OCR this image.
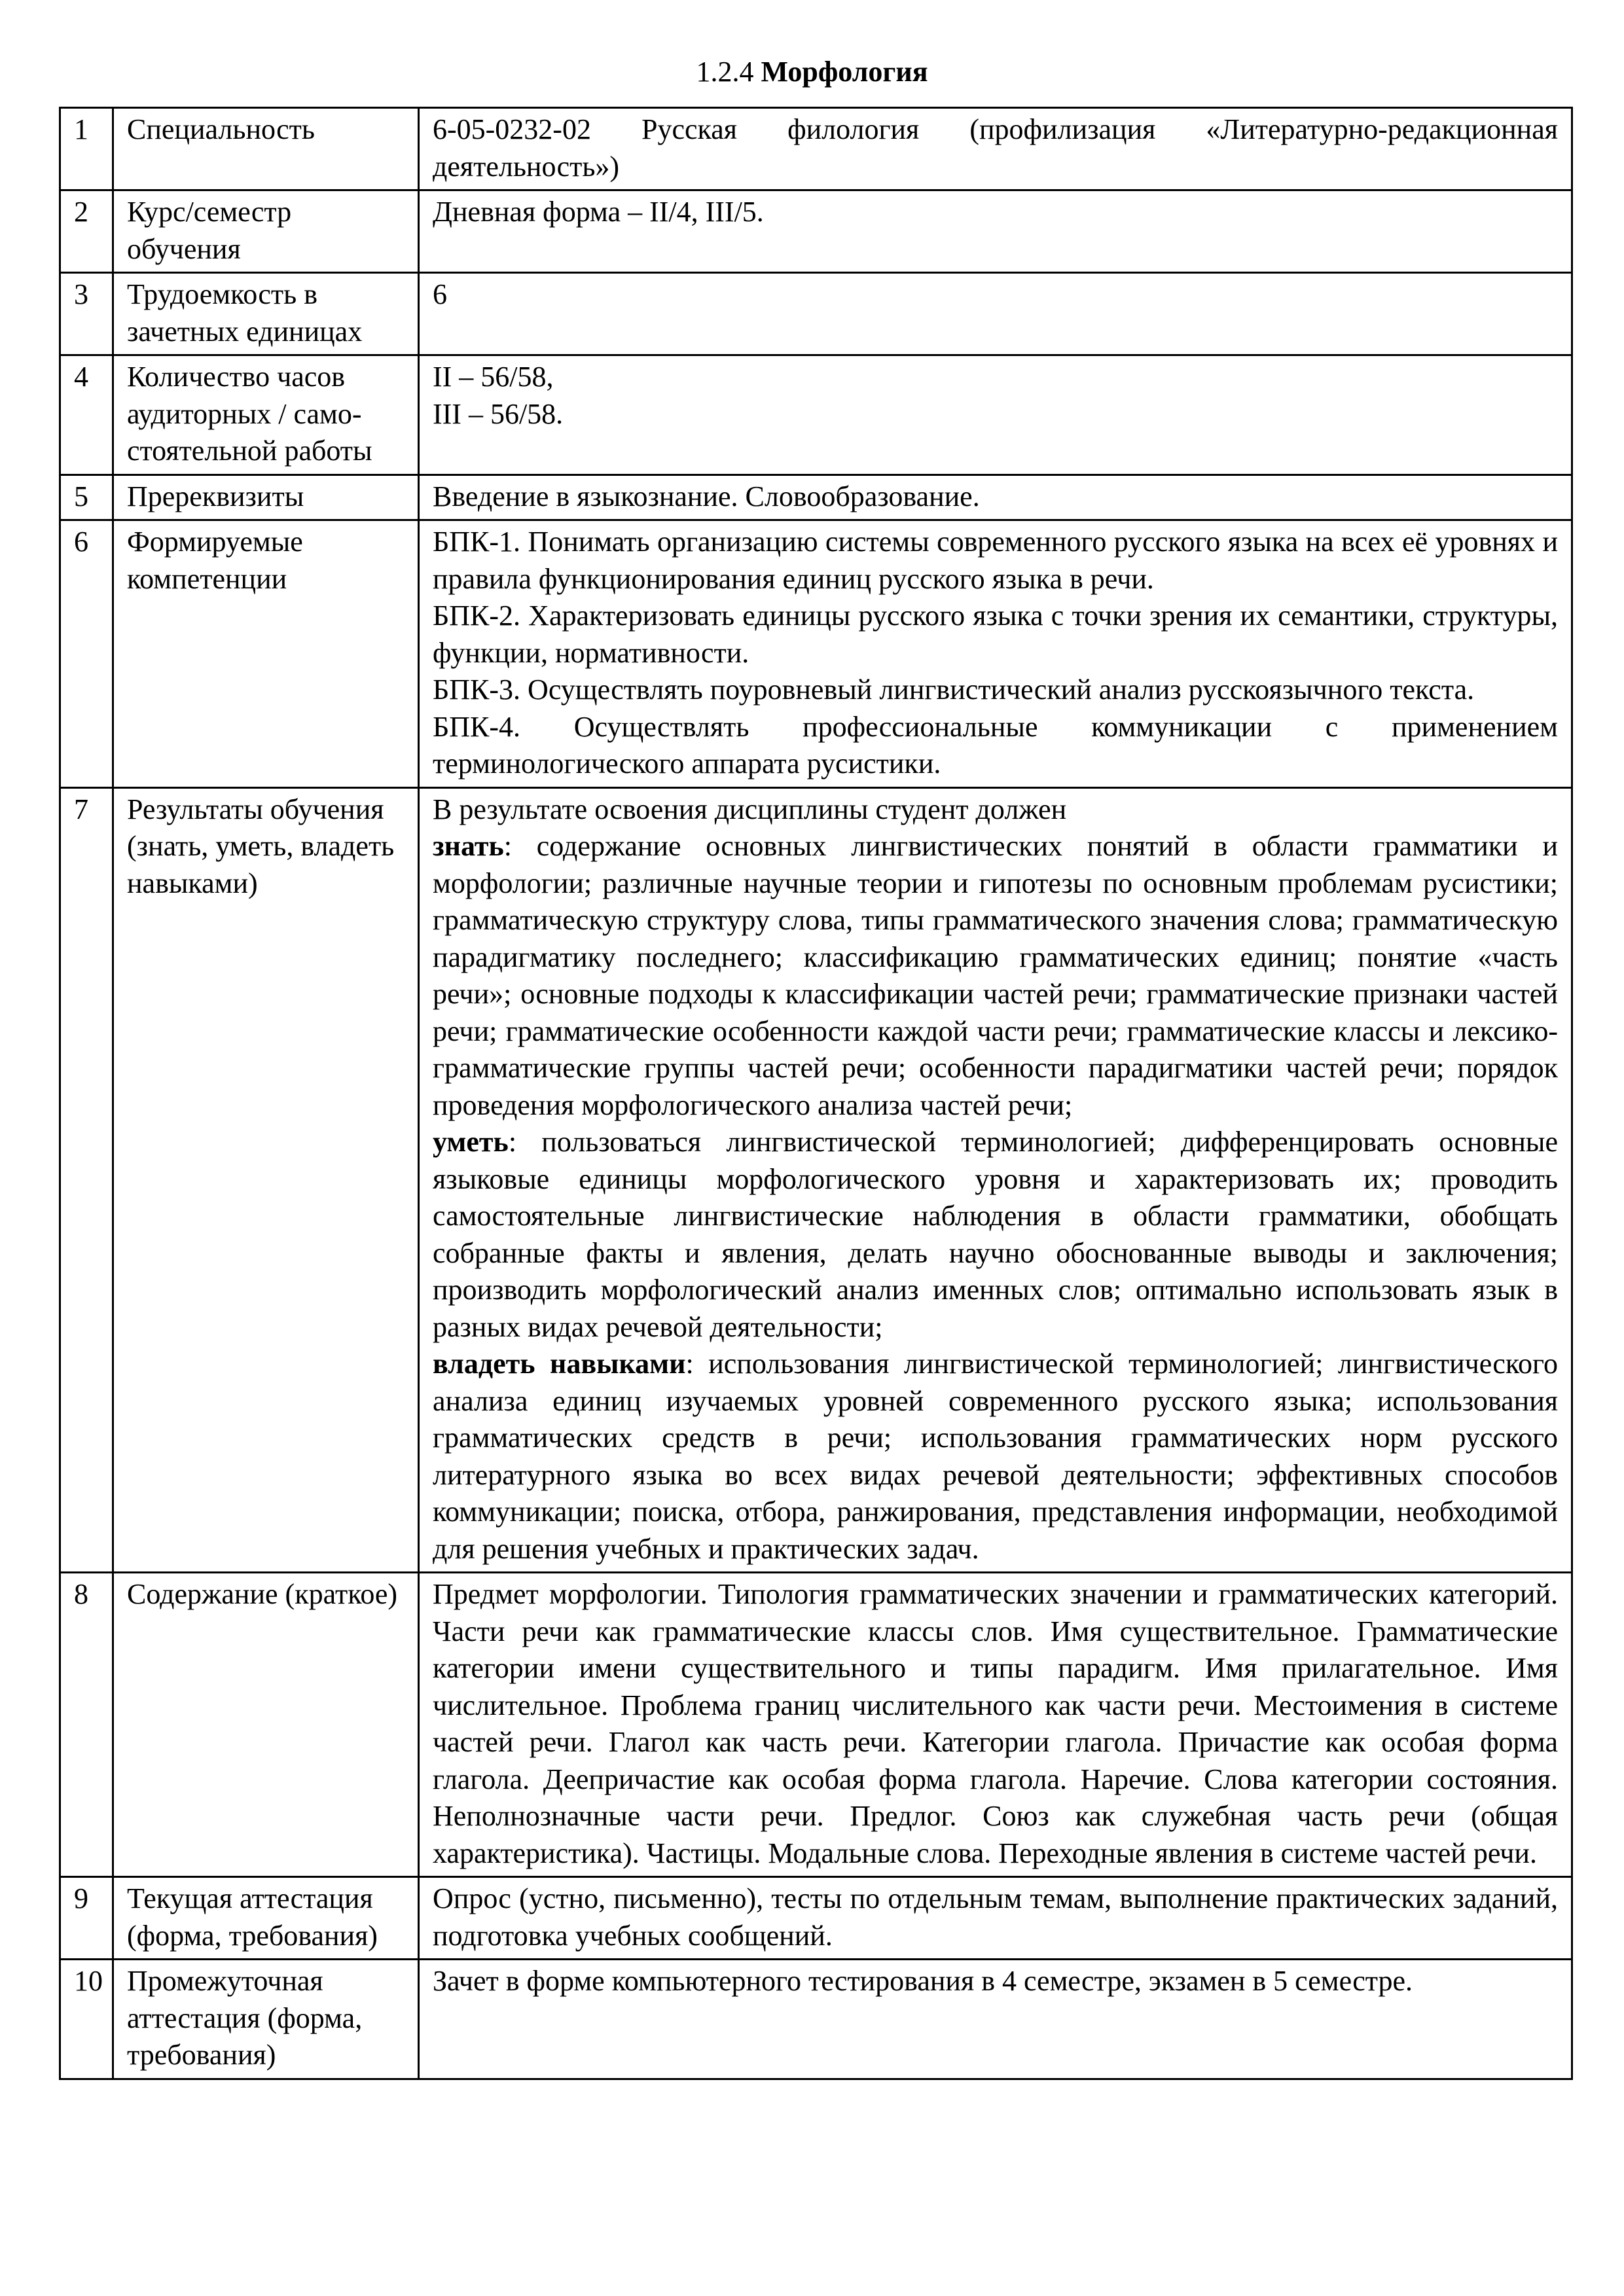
1.2.4 Морфология
1	Специальность	6-05-0232-02 Русская филология (профилизация «Литературно-редакционная деятельность»)
2	Курс/семестр обучения	Дневная форма – II/4, III/5.
3	Трудоемкость в зачетных единицах	6
4	Количество часов аудиторных / само-стоятельной работы	II – 56/58,
III – 56/58.

5	Пререквизиты	Введение в языкознание. Словообразование.
6	Формируемые компетенции	БПК-1. Понимать организацию системы современного русского языка на всех её уровнях и правила функционирования единиц русского языка в речи.
БПК-2. Характеризовать единицы русского языка с точки зрения их семантики, структуры, функции, нормативности.
БПК-3. Осуществлять поуровневый лингвистический анализ русскоязычного текста.
БПК-4. Осуществлять профессиональные коммуникации с применением терминологического аппарата русистики.

7	Результаты обучения (знать, уметь, владеть навыками)	В результате освоения дисциплины студент должен
знать: содержание основных лингвистических понятий в области грамматики и морфологии; различные научные теории и гипотезы по основным проблемам русистики; грамматическую структуру слова, типы грамматического значения слова; грамматическую парадигматику последнего; классификацию грамматических единиц; понятие «часть речи»; основные подходы к классификации частей речи; грамматические признаки частей речи; грамматические особенности каждой части речи; грамматические классы и лексико-грамматические группы частей речи; особенности парадигматики частей речи; порядок проведения морфологического анализа частей речи;
уметь: пользоваться лингвистической терминологией; дифференцировать основные языковые единицы морфологического уровня и характеризовать их; проводить самостоятельные лингвистические наблюдения в области грамматики, обобщать собранные факты и явления, делать научно обоснованные выводы и заключения; производить морфологический анализ именных слов; оптимально использовать язык в разных видах речевой деятельности;
владеть навыками: использования лингвистической терминологией; лингвистического анализа единиц изучаемых уровней современного русского языка; использования грамматических средств в речи; использования грамматических норм русского литературного языка во всех видах речевой деятельности; эффективных способов коммуникации; поиска, отбора, ранжирования, представления информации, необходимой для решения учебных и практических задач.

8	Содержание (краткое)	Предмет морфологии. Типология грамматических значении и грамматических категорий. Части речи как грамматические классы слов. Имя существительное. Грамматические категории имени существительного и типы парадигм. Имя прилагательное. Имя числительное. Проблема границ числительного как части речи. Местоимения в системе частей речи. Глагол как часть речи. Категории глагола. Причастие как особая форма глагола. Деепричастие как особая форма глагола. Наречие. Слова категории состояния. Неполнозначные части речи. Предлог. Союз как служебная часть речи (общая характеристика). Частицы. Модальные слова. Переходные явления в системе частей речи.
9	Текущая аттестация (форма, требования)	Опрос (устно, письменно), тесты по отдельным темам, выполнение практических заданий, подготовка учебных сообщений.
10	Промежуточная аттестация (форма, требования)	Зачет в форме компьютерного тестирования в 4 семестре, экзамен в 5 семестре.
